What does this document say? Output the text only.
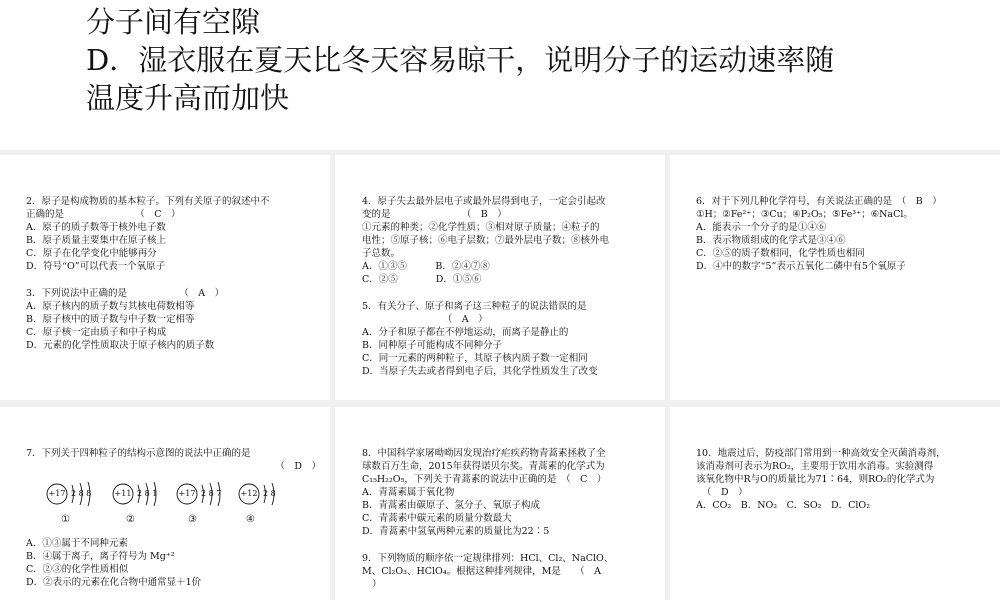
分子间有空隙
D．湿衣服在夏天比冬天容易晾干，说明分子的运动速率随
温度升高而加快
2．原子是构成物质的基本粒子。下列有关原子的叙述中不
正确的是　　　　　　　　（　C　）
A．原子的质子数等于核外电子数
B．原子质量主要集中在原子核上
C．原子在化学变化中能够再分
D．符号“O”可以代表一个氧原子
3．下列说法中正确的是　　　　　　（　A　）
A．原子核内的质子数与其核电荷数相等
B．原子核中的质子数与中子数一定相等
C．原子核一定由质子和中子构成
D．元素的化学性质取决于原子核内的质子数
4．原子失去最外层电子或最外层得到电子，一定会引起改
变的是　　　　　　　　（　B　）
①元素的种类；②化学性质；③相对原子质量；④粒子的
电性；⑤原子核；⑥电子层数；⑦最外层电子数；⑧核外电
子总数。
A．①③⑤　　　B．②④⑦⑧
C．②⑤　　　　D．①⑤⑥
5．有关分子、原子和离子这三种粒子的说法错误的是
　　　　　　　　　（　A　）
A．分子和原子都在不停地运动，而离子是静止的
B．同种原子可能构成不同种分子
C．同一元素的两种粒子，其原子核内质子数一定相同
D．当原子失去或者得到电子后，其化学性质发生了改变
6．对于下列几种化学符号，有关说法正确的是　（　B　）
①H；②Fe²⁺；③Cu；④P₂O₅；⑤Fe³⁺；⑥NaCl。
A．能表示一个分子的是①④⑥
B．表示物质组成的化学式是③④⑥
C．②⑤的质子数相同，化学性质也相同
D．④中的数字“5”表示五氧化二磷中有5个氧原子
7．下列关于四种粒子的结构示意图的说法中正确的是
（　D　）
+17 2 8 8	+11 2 8 1	+17 2 8 7	+12 2 8
①	②	③	④
A．①③属于不同种元素
B．④属于离子，离子符号为 Mg⁺²
C．②③的化学性质相似
D．②表示的元素在化合物中通常显＋1价
8．中国科学家屠呦呦因发现治疗疟疾药物青蒿素拯救了全
球数百万生命，2015年获得诺贝尔奖。青蒿素的化学式为
C₁₅H₂₂O₅，下列关于青蒿素的说法中正确的是　（　C　）
A．青蒿素属于氧化物
B．青蒿素由碳原子、氢分子、氧原子构成
C．青蒿素中碳元素的质量分数最大
D．青蒿素中氢氧两种元素的质量比为22∶5
9．下列物质的顺序依一定规律排列：HCl、Cl₂、NaClO、
M、Cl₂O₃、HClO₄。根据这种排列规律，M是　　（　A
）
10．地震过后，防疫部门常用到一种高效安全灭菌消毒剂，
该消毒剂可表示为RO₂，主要用于饮用水消毒。实验测得
该氧化物中R与O的质量比为71∶64，则RO₂的化学式为
（　D　）
A．CO₂　B．NO₂　C．SO₂　D．ClO₂
